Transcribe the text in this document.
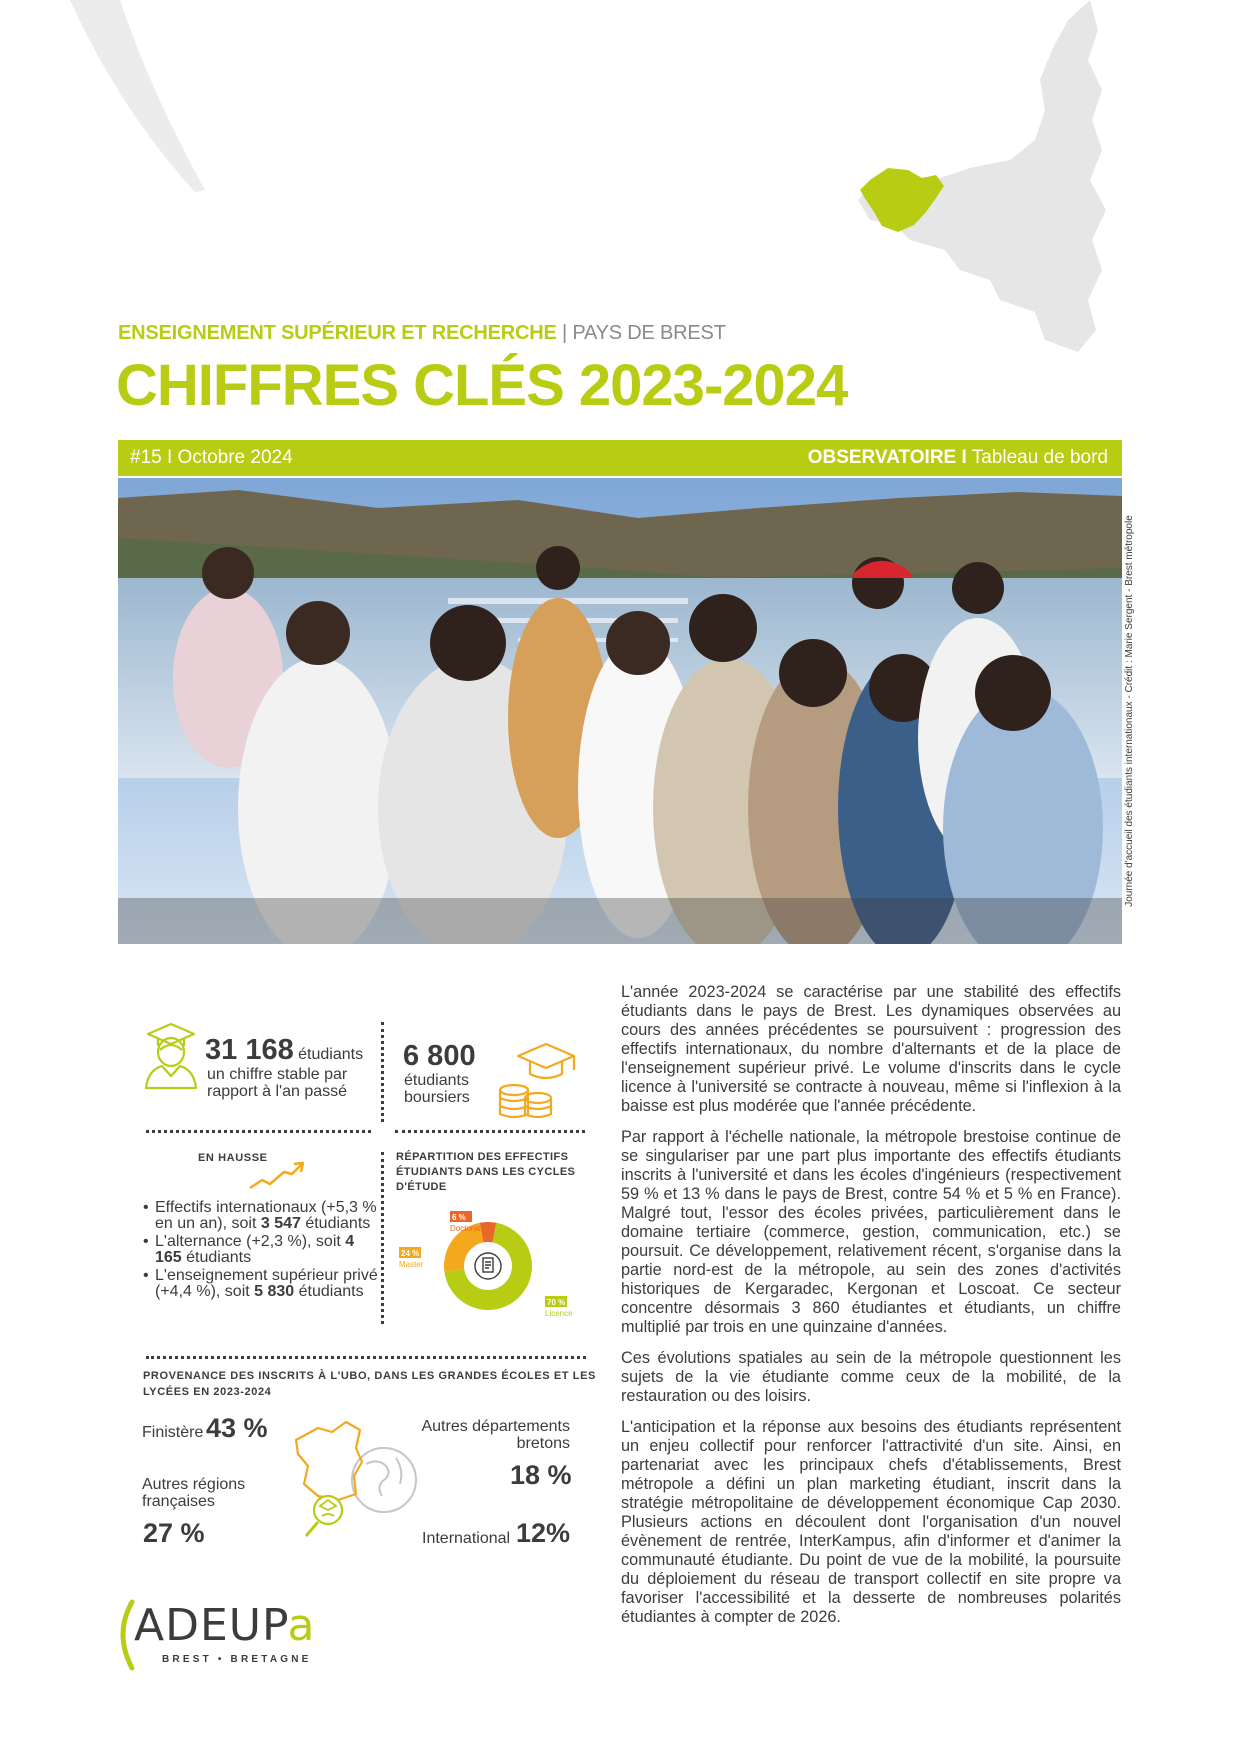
ENSEIGNEMENT SUPÉRIEUR ET RECHERCHE | PAYS DE BREST
CHIFFRES CLÉS 2023-2024
#15 I Octobre 2024	OBSERVATOIRE I Tableau de bord
Journée d'accueil des étudiants internationaux - Crédit : Marie Sergent - Brest métropole
31 168 étudiants
un chiffre stable par rapport à l'an passé
6 800
étudiants boursiers
EN HAUSSE
• Effectifs internationaux (+5,3 % en un an), soit 3 547 étudiants
• L'alternance (+2,3 %), soit 4 165 étudiants
• L'enseignement supérieur privé (+4,4 %), soit 5 830 étudiants
RÉPARTITION DES EFFECTIFS ÉTUDIANTS DANS LES CYCLES D'ÉTUDE
70 %
Licence
24 %
Master
6 %
Doctorat
PROVENANCE DES INSCRITS À L'UBO, DANS LES GRANDES ÉCOLES ET LES LYCÉES EN 2023-2024
Finistère 43 %	Autres départements bretons
18 %
Autres régions françaises
27 %	International 12%
ADEUPa
BREST • BRETAGNE

L'année 2023-2024 se caractérise par une stabilité des effectifs étudiants dans le pays de Brest. Les dynamiques observées au cours des années précédentes se poursuivent : progression des effectifs internationaux, du nombre d'alternants et de la place de l'enseignement supérieur privé. Le volume d'inscrits dans le cycle licence à l'université se contracte à nouveau, même si l'inflexion à la baisse est plus modérée que l'année précédente.

Par rapport à l'échelle nationale, la métropole brestoise continue de se singulariser par une part plus importante des effectifs étudiants inscrits à l'université et dans les écoles d'ingénieurs (respectivement 59 % et 13 % dans le pays de Brest, contre 54 % et 5 % en France). Malgré tout, l'essor des écoles privées, particulièrement dans le domaine tertiaire (commerce, gestion, communication, etc.) se poursuit. Ce développement, relativement récent, s'organise dans la partie nord-est de la métropole, au sein des zones d'activités historiques de Kergaradec, Kergonan et Loscoat. Ce secteur concentre désormais 3 860 étudiantes et étudiants, un chiffre multiplié par trois en une quinzaine d'années.

Ces évolutions spatiales au sein de la métropole questionnent les sujets de la vie étudiante comme ceux de la mobilité, de la restauration ou des loisirs.

L'anticipation et la réponse aux besoins des étudiants représentent un enjeu collectif pour renforcer l'attractivité d'un site. Ainsi, en partenariat avec les principaux chefs d'établissements, Brest métropole a défini un plan marketing étudiant, inscrit dans la stratégie métropolitaine de développement économique Cap 2030. Plusieurs actions en découlent dont l'organisation d'un nouvel évènement de rentrée, InterKampus, afin d'informer et d'animer la communauté étudiante. Du point de vue de la mobilité, la poursuite du déploiement du réseau de transport collectif en site propre va favoriser l'accessibilité et la desserte de nombreuses polarités étudiantes à compter de 2026.
